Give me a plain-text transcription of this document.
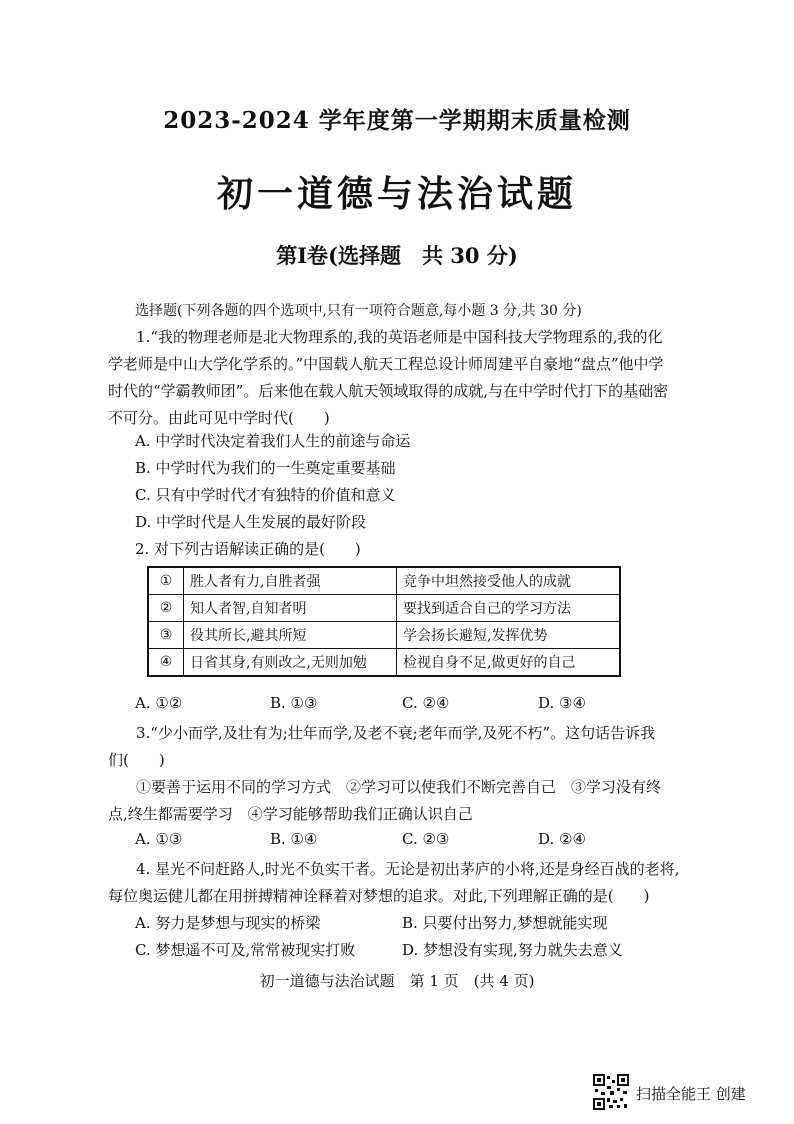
2023-2024 学年度第一学期期末质量检测
初一道德与法治试题
第Ⅰ卷(选择题　共 30 分)
选择题(下列各题的四个选项中,只有一项符合题意,每小题 3 分,共 30 分)
1.“我的物理老师是北大物理系的,我的英语老师是中国科技大学物理系的,我的化
学老师是中山大学化学系的。”中国载人航天工程总设计师周建平自豪地“盘点”他中学
时代的“学霸教师团”。后来他在载人航天领域取得的成就,与在中学时代打下的基础密
不可分。由此可见中学时代(　　)
A. 中学时代决定着我们人生的前途与命运
B. 中学时代为我们的一生奠定重要基础
C. 只有中学时代才有独特的价值和意义
D. 中学时代是人生发展的最好阶段
2. 对下列古语解读正确的是(　　)
①	胜人者有力,自胜者强	竞争中坦然接受他人的成就
②	知人者智,自知者明	要找到适合自己的学习方法
③	役其所长,避其所短	学会扬长避短,发挥优势
④	日省其身,有则改之,无则加勉	检视自身不足,做更好的自己
A. ①②	B. ①③	C. ②④	D. ③④
3.“少小而学,及壮有为;壮年而学,及老不衰;老年而学,及死不朽”。这句话告诉我
们(　　)
①要善于运用不同的学习方式　②学习可以使我们不断完善自己　③学习没有终
点,终生都需要学习　④学习能够帮助我们正确认识自己
A. ①③	B. ①④	C. ②③	D. ②④
4. 星光不问赶路人,时光不负实干者。无论是初出茅庐的小将,还是身经百战的老将,
每位奥运健儿都在用拼搏精神诠释着对梦想的追求。对此,下列理解正确的是(　　)
A. 努力是梦想与现实的桥梁	B. 只要付出努力,梦想就能实现
C. 梦想遥不可及,常常被现实打败	D. 梦想没有实现,努力就失去意义
初一道德与法治试题　第 1 页　(共 4 页)
扫描全能王 创建
